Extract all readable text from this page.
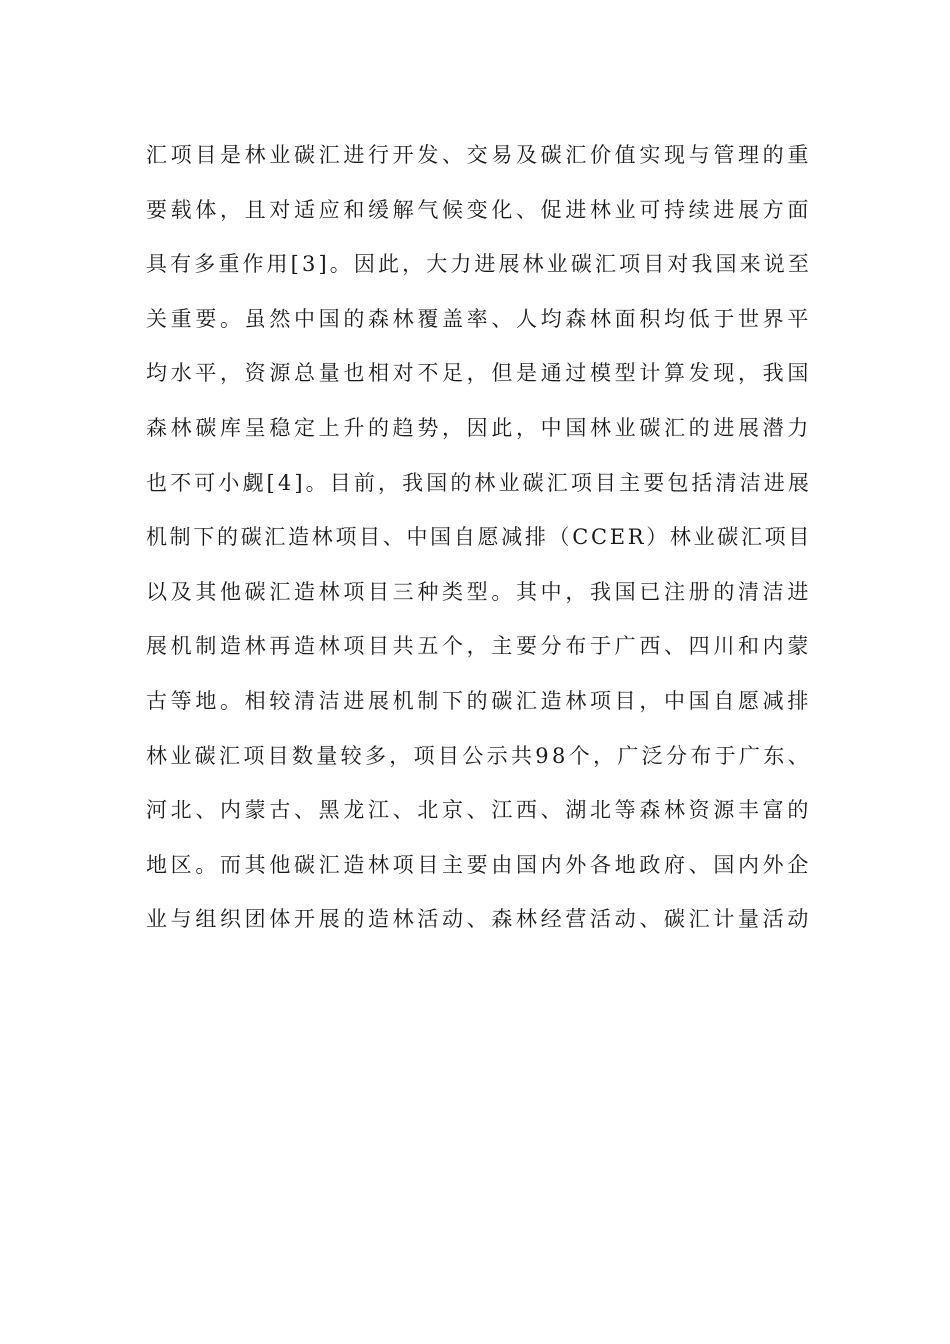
汇项目是林业碳汇进行开发、交易及碳汇价值实现与管理的重
要载体，且对适应和缓解气候变化、促进林业可持续进展方面
具有多重作用[3]。因此，大力进展林业碳汇项目对我国来说至
关重要。虽然中国的森林覆盖率、人均森林面积均低于世界平
均水平，资源总量也相对不足，但是通过模型计算发现，我国
森林碳库呈稳定上升的趋势，因此，中国林业碳汇的进展潜力
也不可小觑[4]。目前，我国的林业碳汇项目主要包括清洁进展
机制下的碳汇造林项目、中国自愿减排（CCER）林业碳汇项目
以及其他碳汇造林项目三种类型。其中，我国已注册的清洁进
展机制造林再造林项目共五个，主要分布于广西、四川和内蒙
古等地。相较清洁进展机制下的碳汇造林项目，中国自愿减排
林业碳汇项目数量较多，项目公示共98个，广泛分布于广东、
河北、内蒙古、黑龙江、北京、江西、湖北等森林资源丰富的
地区。而其他碳汇造林项目主要由国内外各地政府、国内外企
业与组织团体开展的造林活动、森林经营活动、碳汇计量活动
